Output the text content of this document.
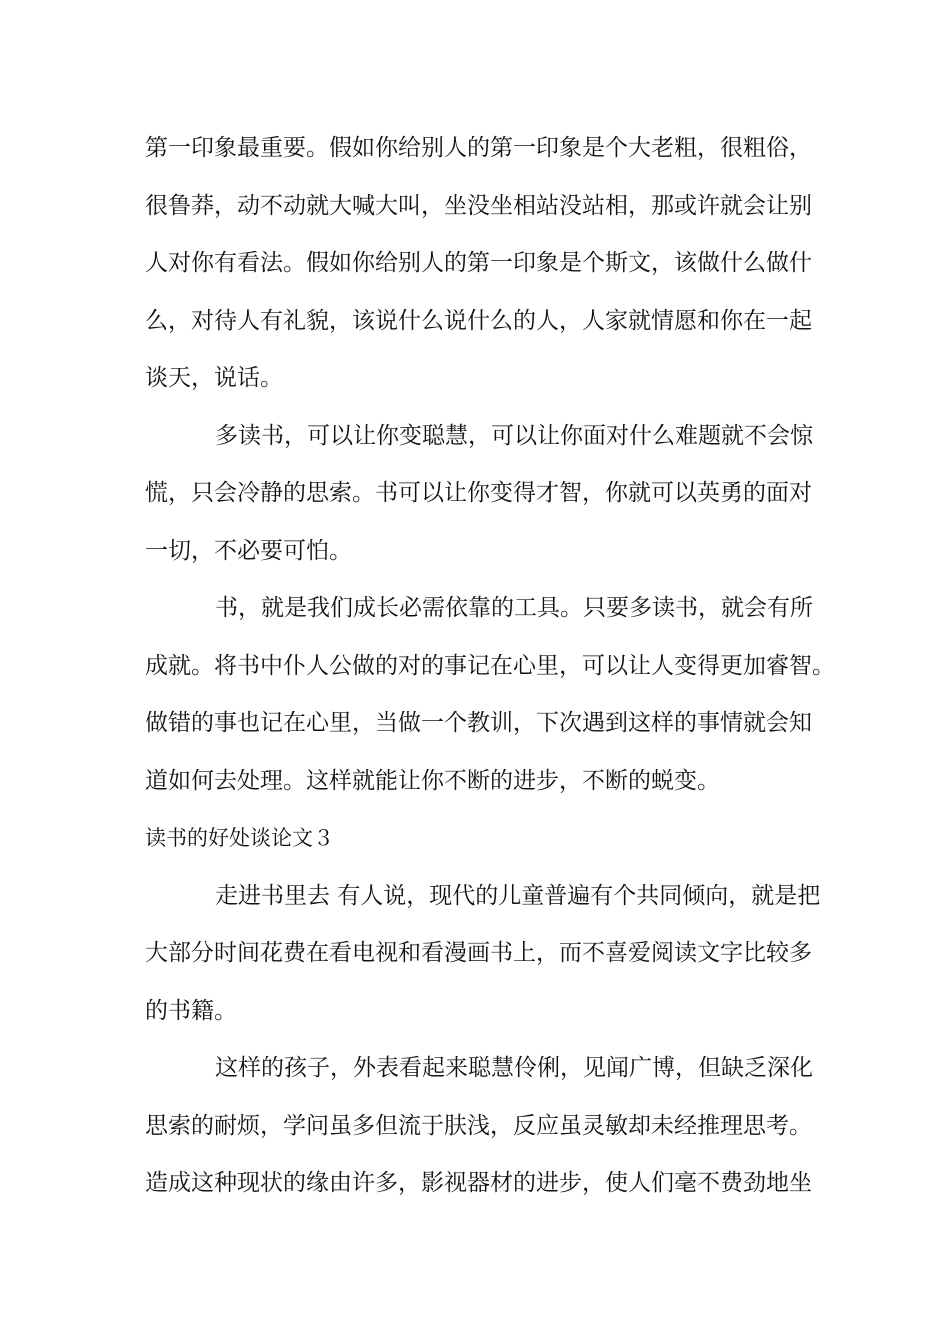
第一印象最重要。假如你给别人的第一印象是个大老粗，很粗俗，
很鲁莽，动不动就大喊大叫，坐没坐相站没站相，那或许就会让别
人对你有看法。假如你给别人的第一印象是个斯文，该做什么做什
么，对待人有礼貌，该说什么说什么的人，人家就情愿和你在一起
谈天，说话。
多读书，可以让你变聪慧，可以让你面对什么难题就不会惊
慌，只会冷静的思索。书可以让你变得才智，你就可以英勇的面对
一切，不必要可怕。
书，就是我们成长必需依靠的工具。只要多读书，就会有所
成就。将书中仆人公做的对的事记在心里，可以让人变得更加睿智。
做错的事也记在心里，当做一个教训，下次遇到这样的事情就会知
道如何去处理。这样就能让你不断的进步，不断的蜕变。
读书的好处谈论文３
走进书里去 有人说，现代的儿童普遍有个共同倾向，就是把
大部分时间花费在看电视和看漫画书上，而不喜爱阅读文字比较多
的书籍。
这样的孩子，外表看起来聪慧伶俐，见闻广博，但缺乏深化
思索的耐烦，学问虽多但流于肤浅，反应虽灵敏却未经推理思考。
造成这种现状的缘由许多，影视器材的进步，使人们毫不费劲地坐
